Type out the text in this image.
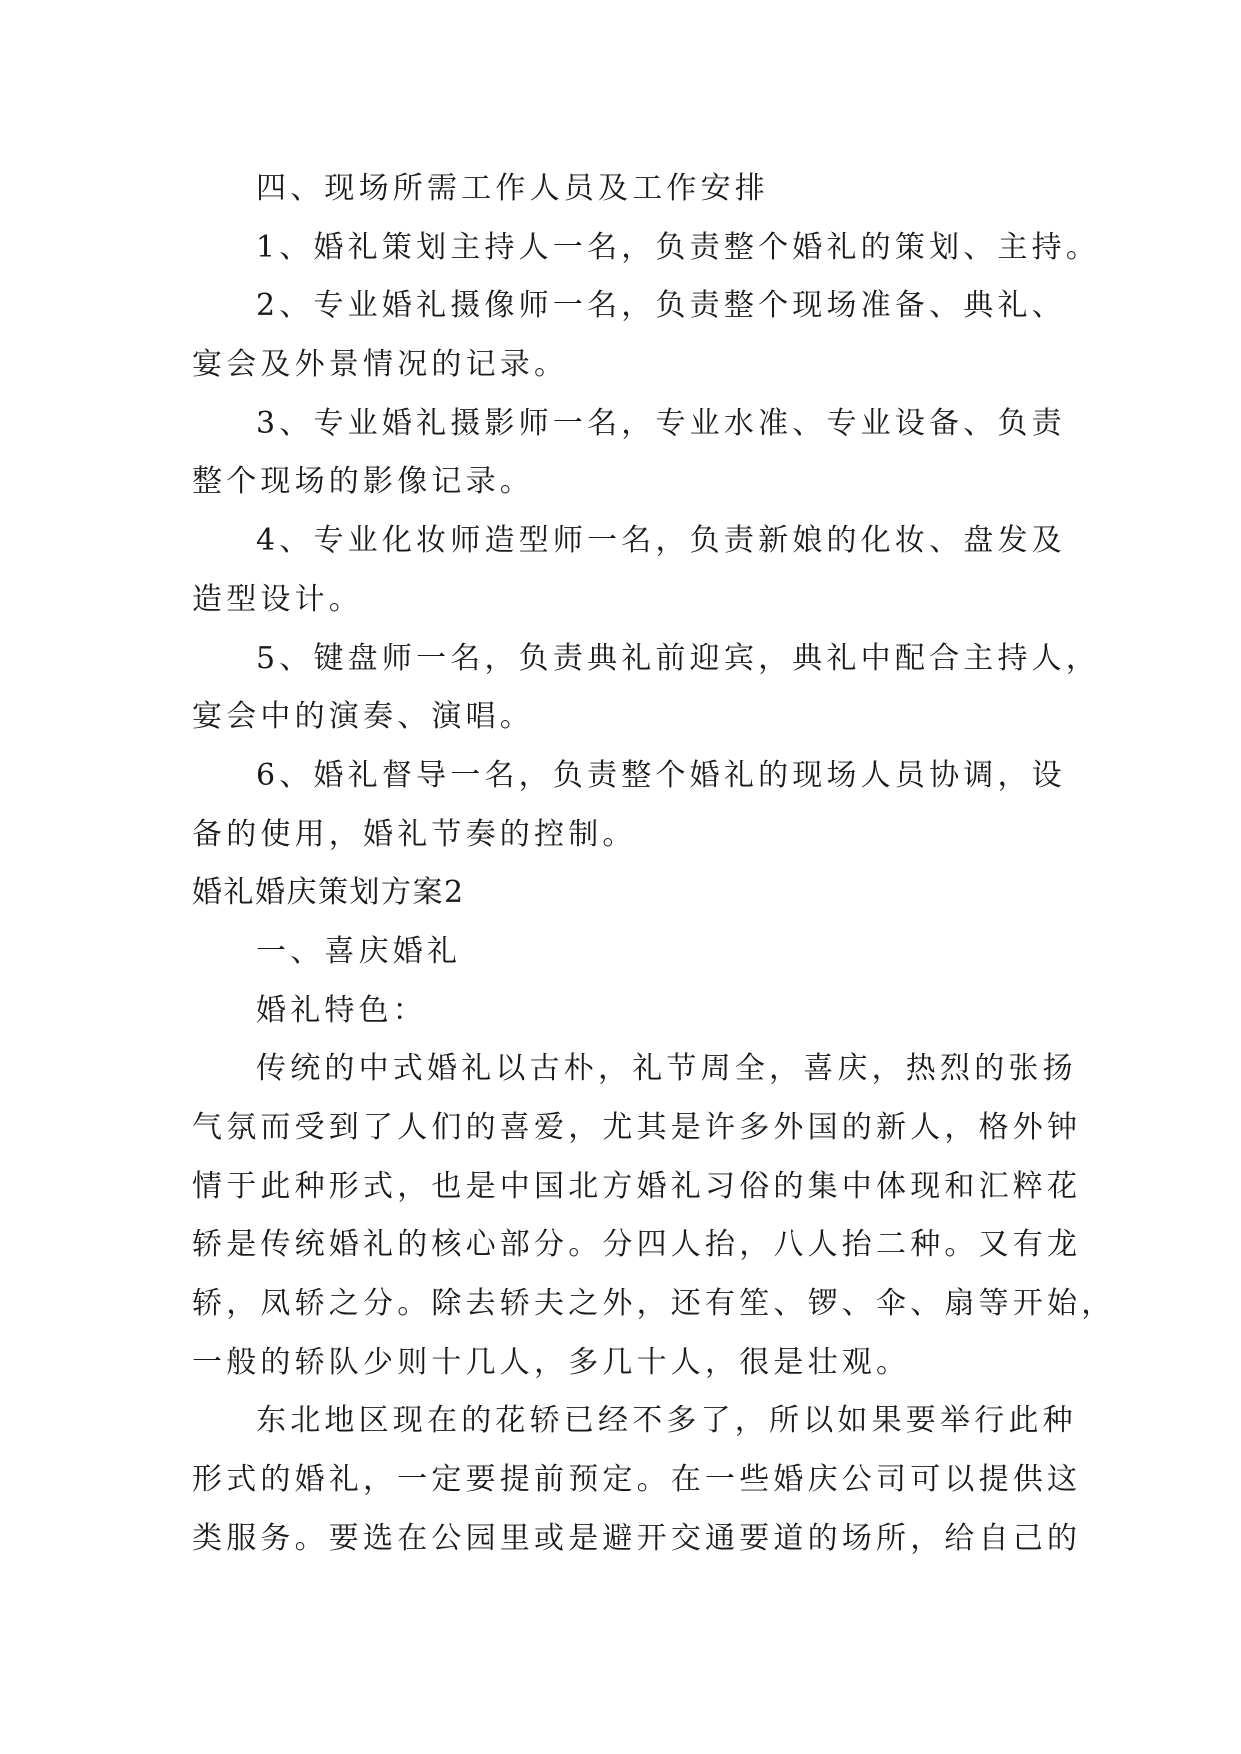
四、现场所需工作人员及工作安排
1、婚礼策划主持人一名，负责整个婚礼的策划、主持。
2、专业婚礼摄像师一名，负责整个现场准备、典礼、
宴会及外景情况的记录。
3、专业婚礼摄影师一名，专业水准、专业设备、负责
整个现场的影像记录。
4、专业化妆师造型师一名，负责新娘的化妆、盘发及
造型设计。
5、键盘师一名，负责典礼前迎宾，典礼中配合主持人，
宴会中的演奏、演唱。
6、婚礼督导一名，负责整个婚礼的现场人员协调，设
备的使用，婚礼节奏的控制。
婚礼婚庆策划方案2
一、喜庆婚礼
婚礼特色：
传统的中式婚礼以古朴，礼节周全，喜庆，热烈的张扬
气氛而受到了人们的喜爱，尤其是许多外国的新人，格外钟
情于此种形式，也是中国北方婚礼习俗的集中体现和汇粹花
轿是传统婚礼的核心部分。分四人抬，八人抬二种。又有龙
轿，凤轿之分。除去轿夫之外，还有笙、锣、伞、扇等开始，
一般的轿队少则十几人，多几十人，很是壮观。
东北地区现在的花轿已经不多了，所以如果要举行此种
形式的婚礼，一定要提前预定。在一些婚庆公司可以提供这
类服务。要选在公园里或是避开交通要道的场所，给自己的
